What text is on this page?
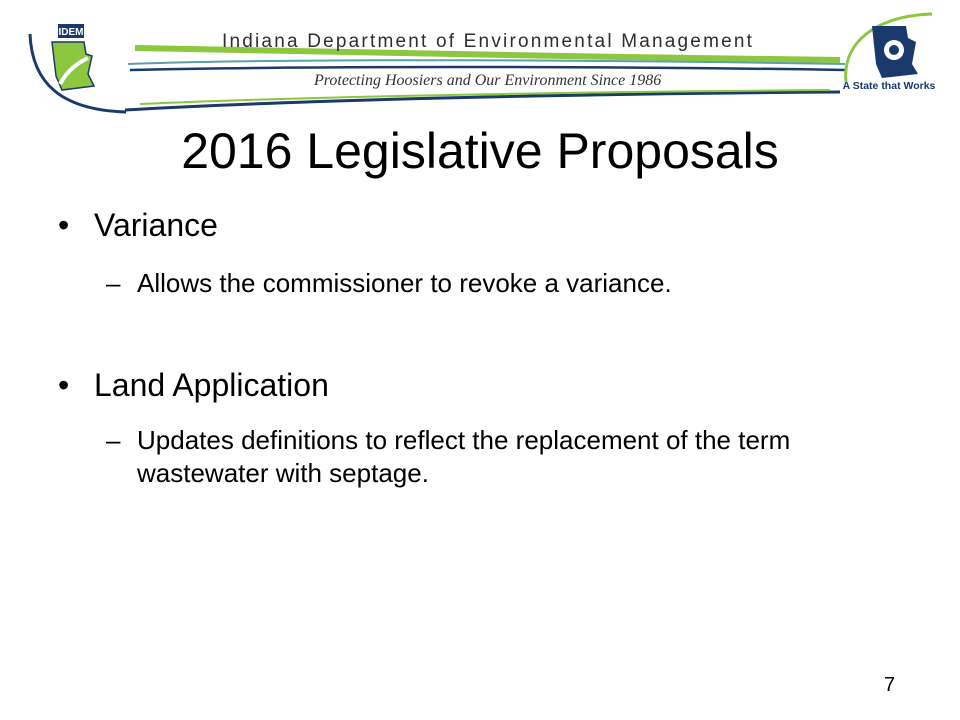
IDEM	Indiana Department of Environmental Management
Protecting Hoosiers and Our Environment Since 1986	A State that Works
2016 Legislative Proposals
• Variance
– Allows the commissioner to revoke a variance.
• Land Application
– Updates definitions to reflect the replacement of the term wastewater with septage.
7
